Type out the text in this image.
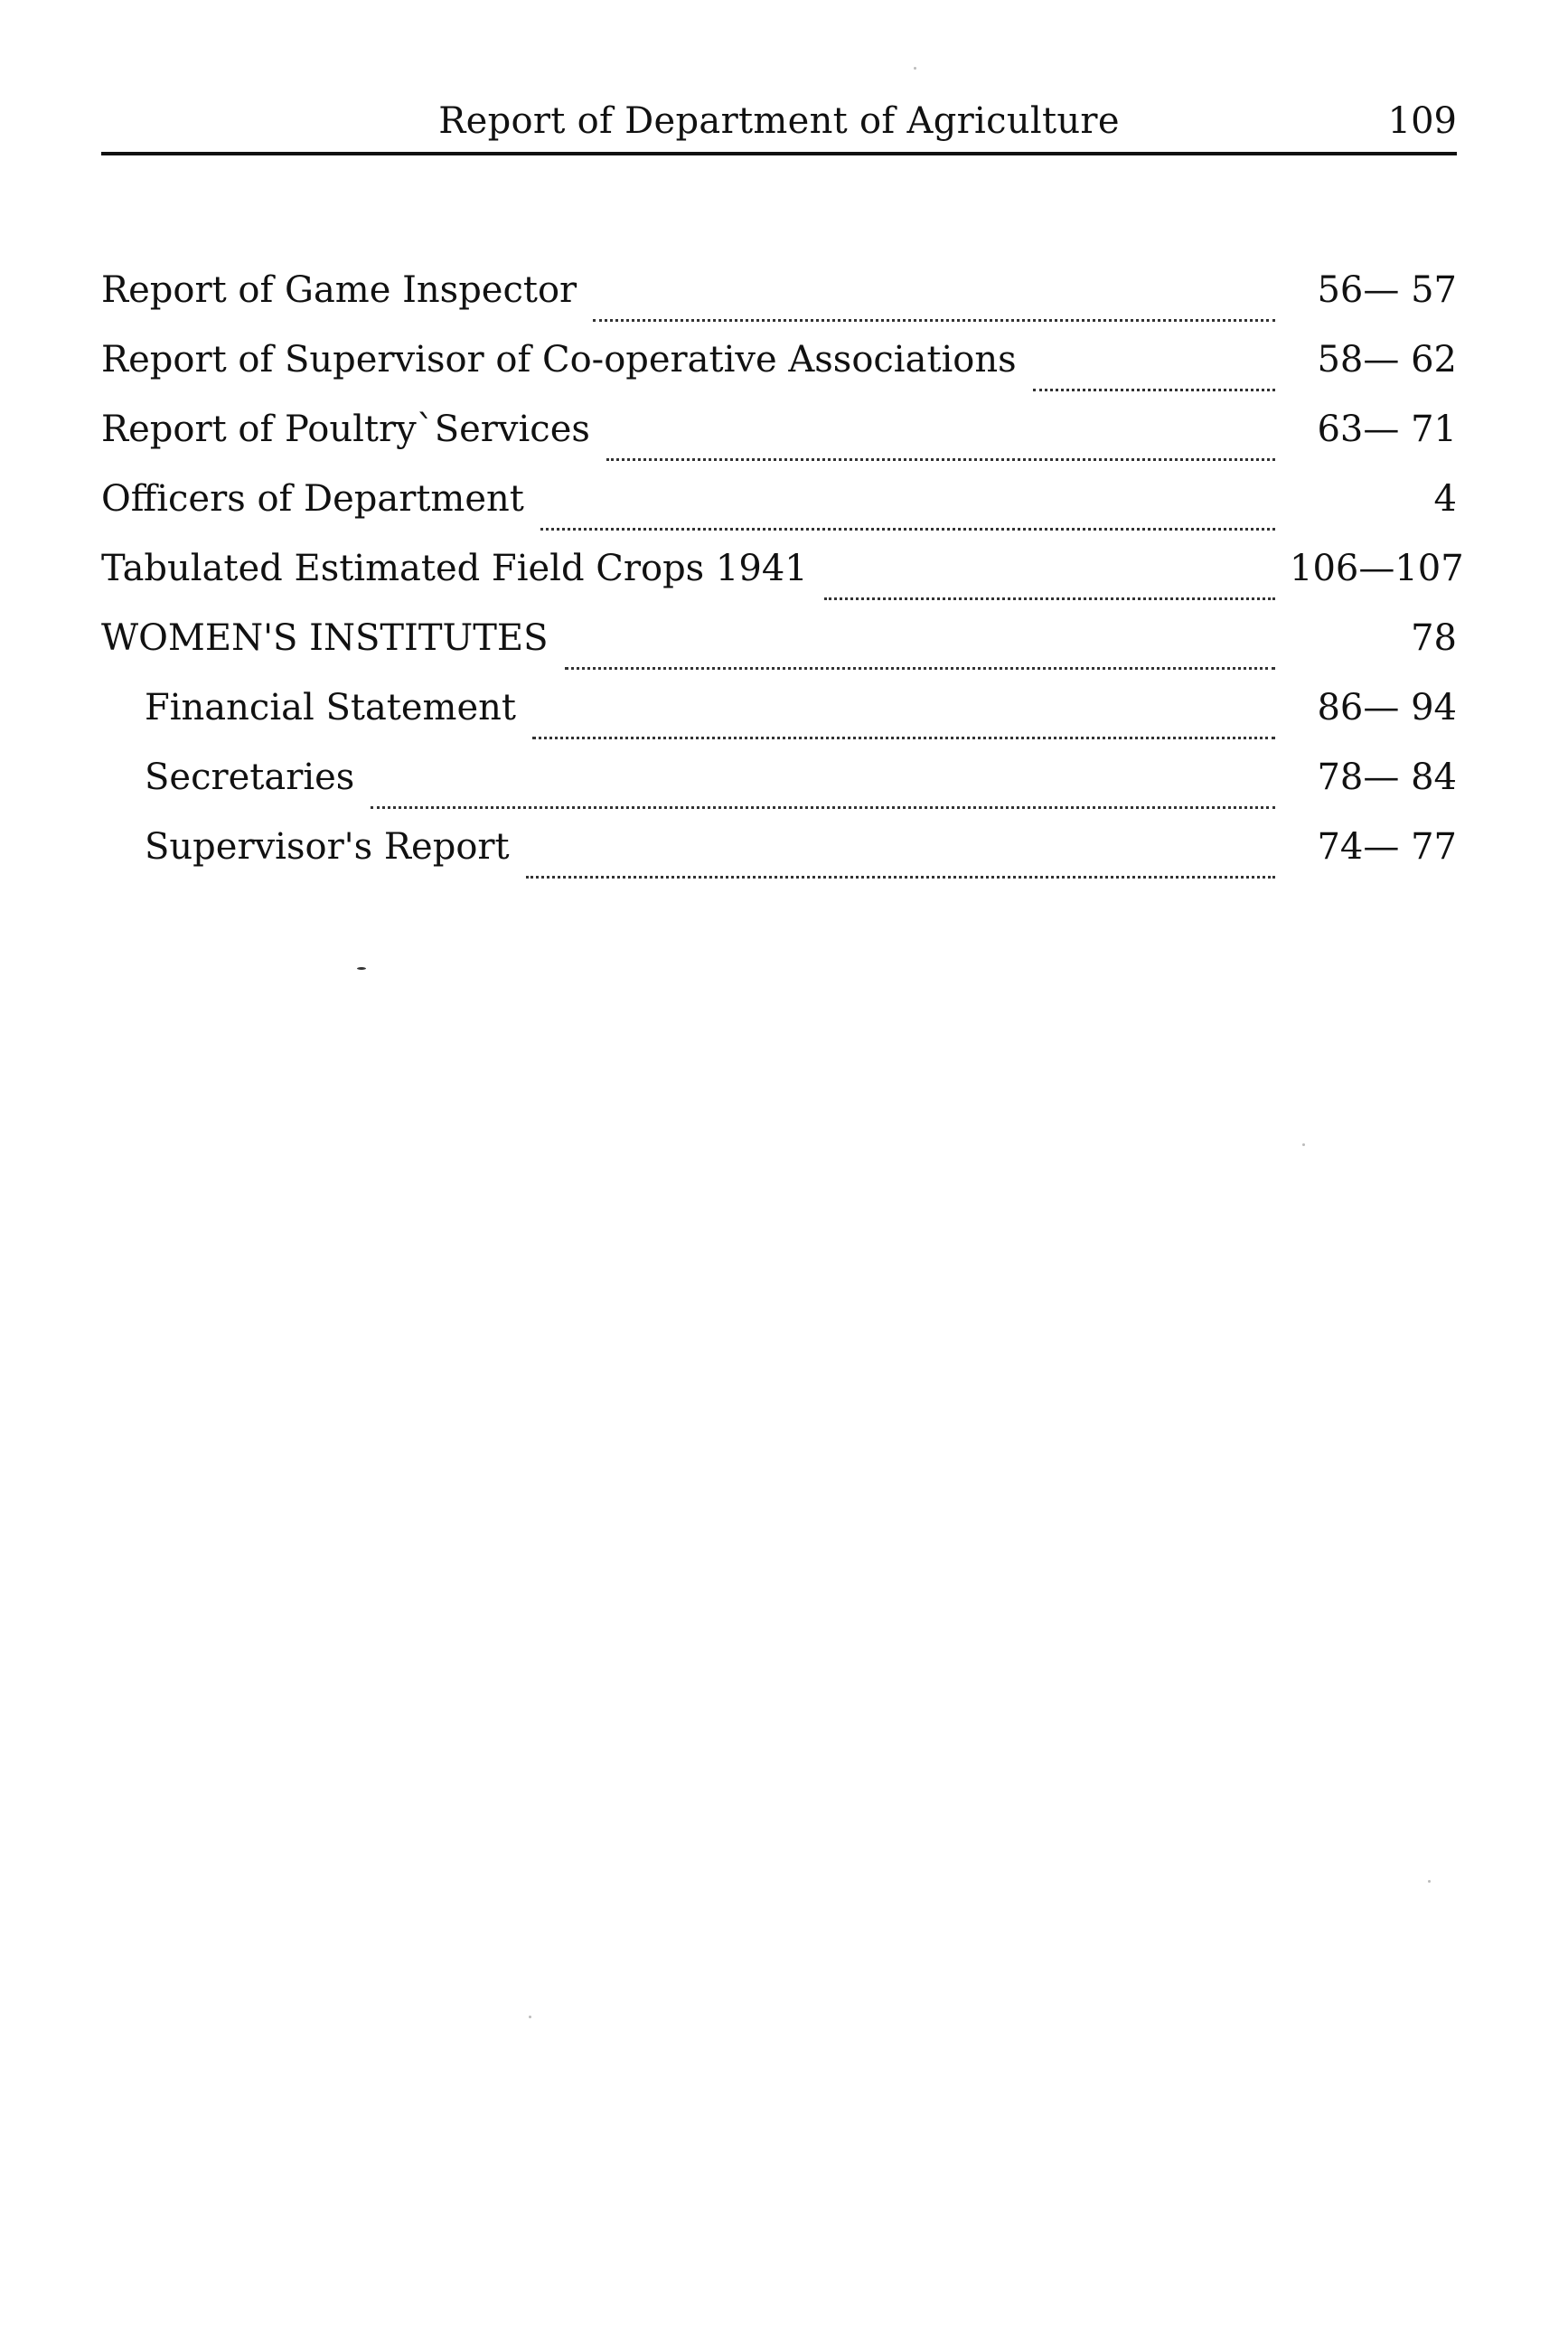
Report of Department of Agriculture	109
Report of Game Inspector	56— 57
Report of Supervisor of Co-operative Associations	58— 62
Report of Poultry`Services	63— 71
Officers of Department	4
Tabulated Estimated Field Crops 1941	106—107
WOMEN'S INSTITUTES	78
Financial Statement	86— 94
Secretaries	78— 84
Supervisor's Report	74— 77
